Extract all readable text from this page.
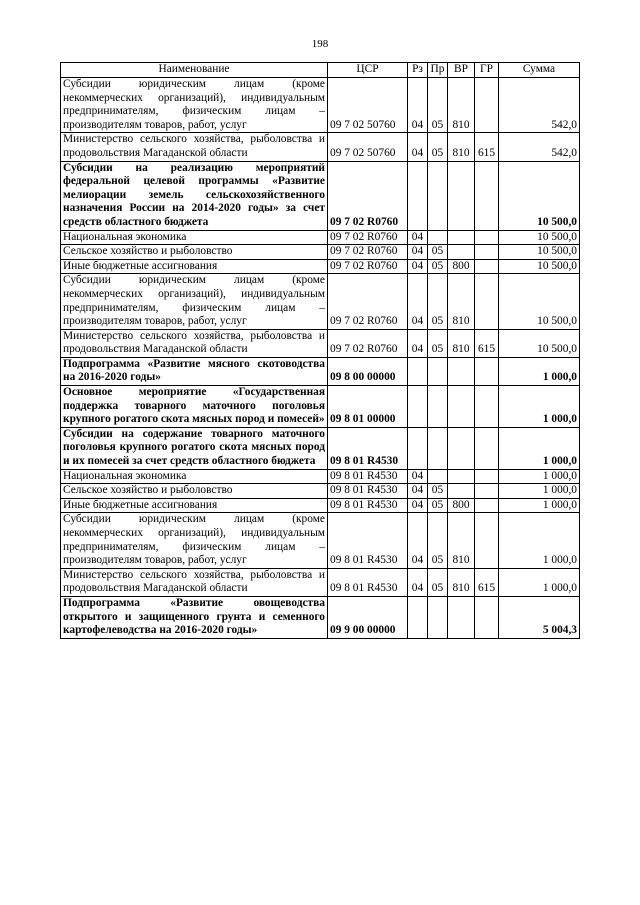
198
Наименование	ЦСР	Рз	Пр	ВР	ГР	Сумма
Субсидии юридическим лицам (кроме некоммерческих организаций), индивидуальным предпринимателям, физическим лицам – производителям товаров, работ, услуг	09 7 02 50760	04	05	810		542,0
Министерство сельского хозяйства, рыболовства и продовольствия Магаданской области	09 7 02 50760	04	05	810	615	542,0
Субсидии на реализацию мероприятий федеральной целевой программы «Развитие мелиорации земель сельскохозяйственного назначения России на 2014-2020 годы» за счет средств областного бюджета	09 7 02 R0760					10 500,0
Национальная экономика	09 7 02 R0760	04				10 500,0
Сельское хозяйство и рыболовство	09 7 02 R0760	04	05			10 500,0
Иные бюджетные ассигнования	09 7 02 R0760	04	05	800		10 500,0
Субсидии юридическим лицам (кроме некоммерческих организаций), индивидуальным предпринимателям, физическим лицам – производителям товаров, работ, услуг	09 7 02 R0760	04	05	810		10 500,0
Министерство сельского хозяйства, рыболовства и продовольствия Магаданской области	09 7 02 R0760	04	05	810	615	10 500,0
Подпрограмма «Развитие мясного скотоводства на 2016-2020 годы»	09 8 00 00000					1 000,0
Основное мероприятие «Государственная поддержка товарного маточного поголовья крупного рогатого скота мясных пород и помесей»	09 8 01 00000					1 000,0
Субсидии на содержание товарного маточного поголовья крупного рогатого скота мясных пород и их помесей за счет средств областного бюджета	09 8 01 R4530					1 000,0
Национальная экономика	09 8 01 R4530	04				1 000,0
Сельское хозяйство и рыболовство	09 8 01 R4530	04	05			1 000,0
Иные бюджетные ассигнования	09 8 01 R4530	04	05	800		1 000,0
Субсидии юридическим лицам (кроме некоммерческих организаций), индивидуальным предпринимателям, физическим лицам – производителям товаров, работ, услуг	09 8 01 R4530	04	05	810		1 000,0
Министерство сельского хозяйства, рыболовства и продовольствия Магаданской области	09 8 01 R4530	04	05	810	615	1 000,0
Подпрограмма «Развитие овощеводства открытого и защищенного грунта и семенного картофелеводства на 2016-2020 годы»	09 9 00 00000					5 004,3
